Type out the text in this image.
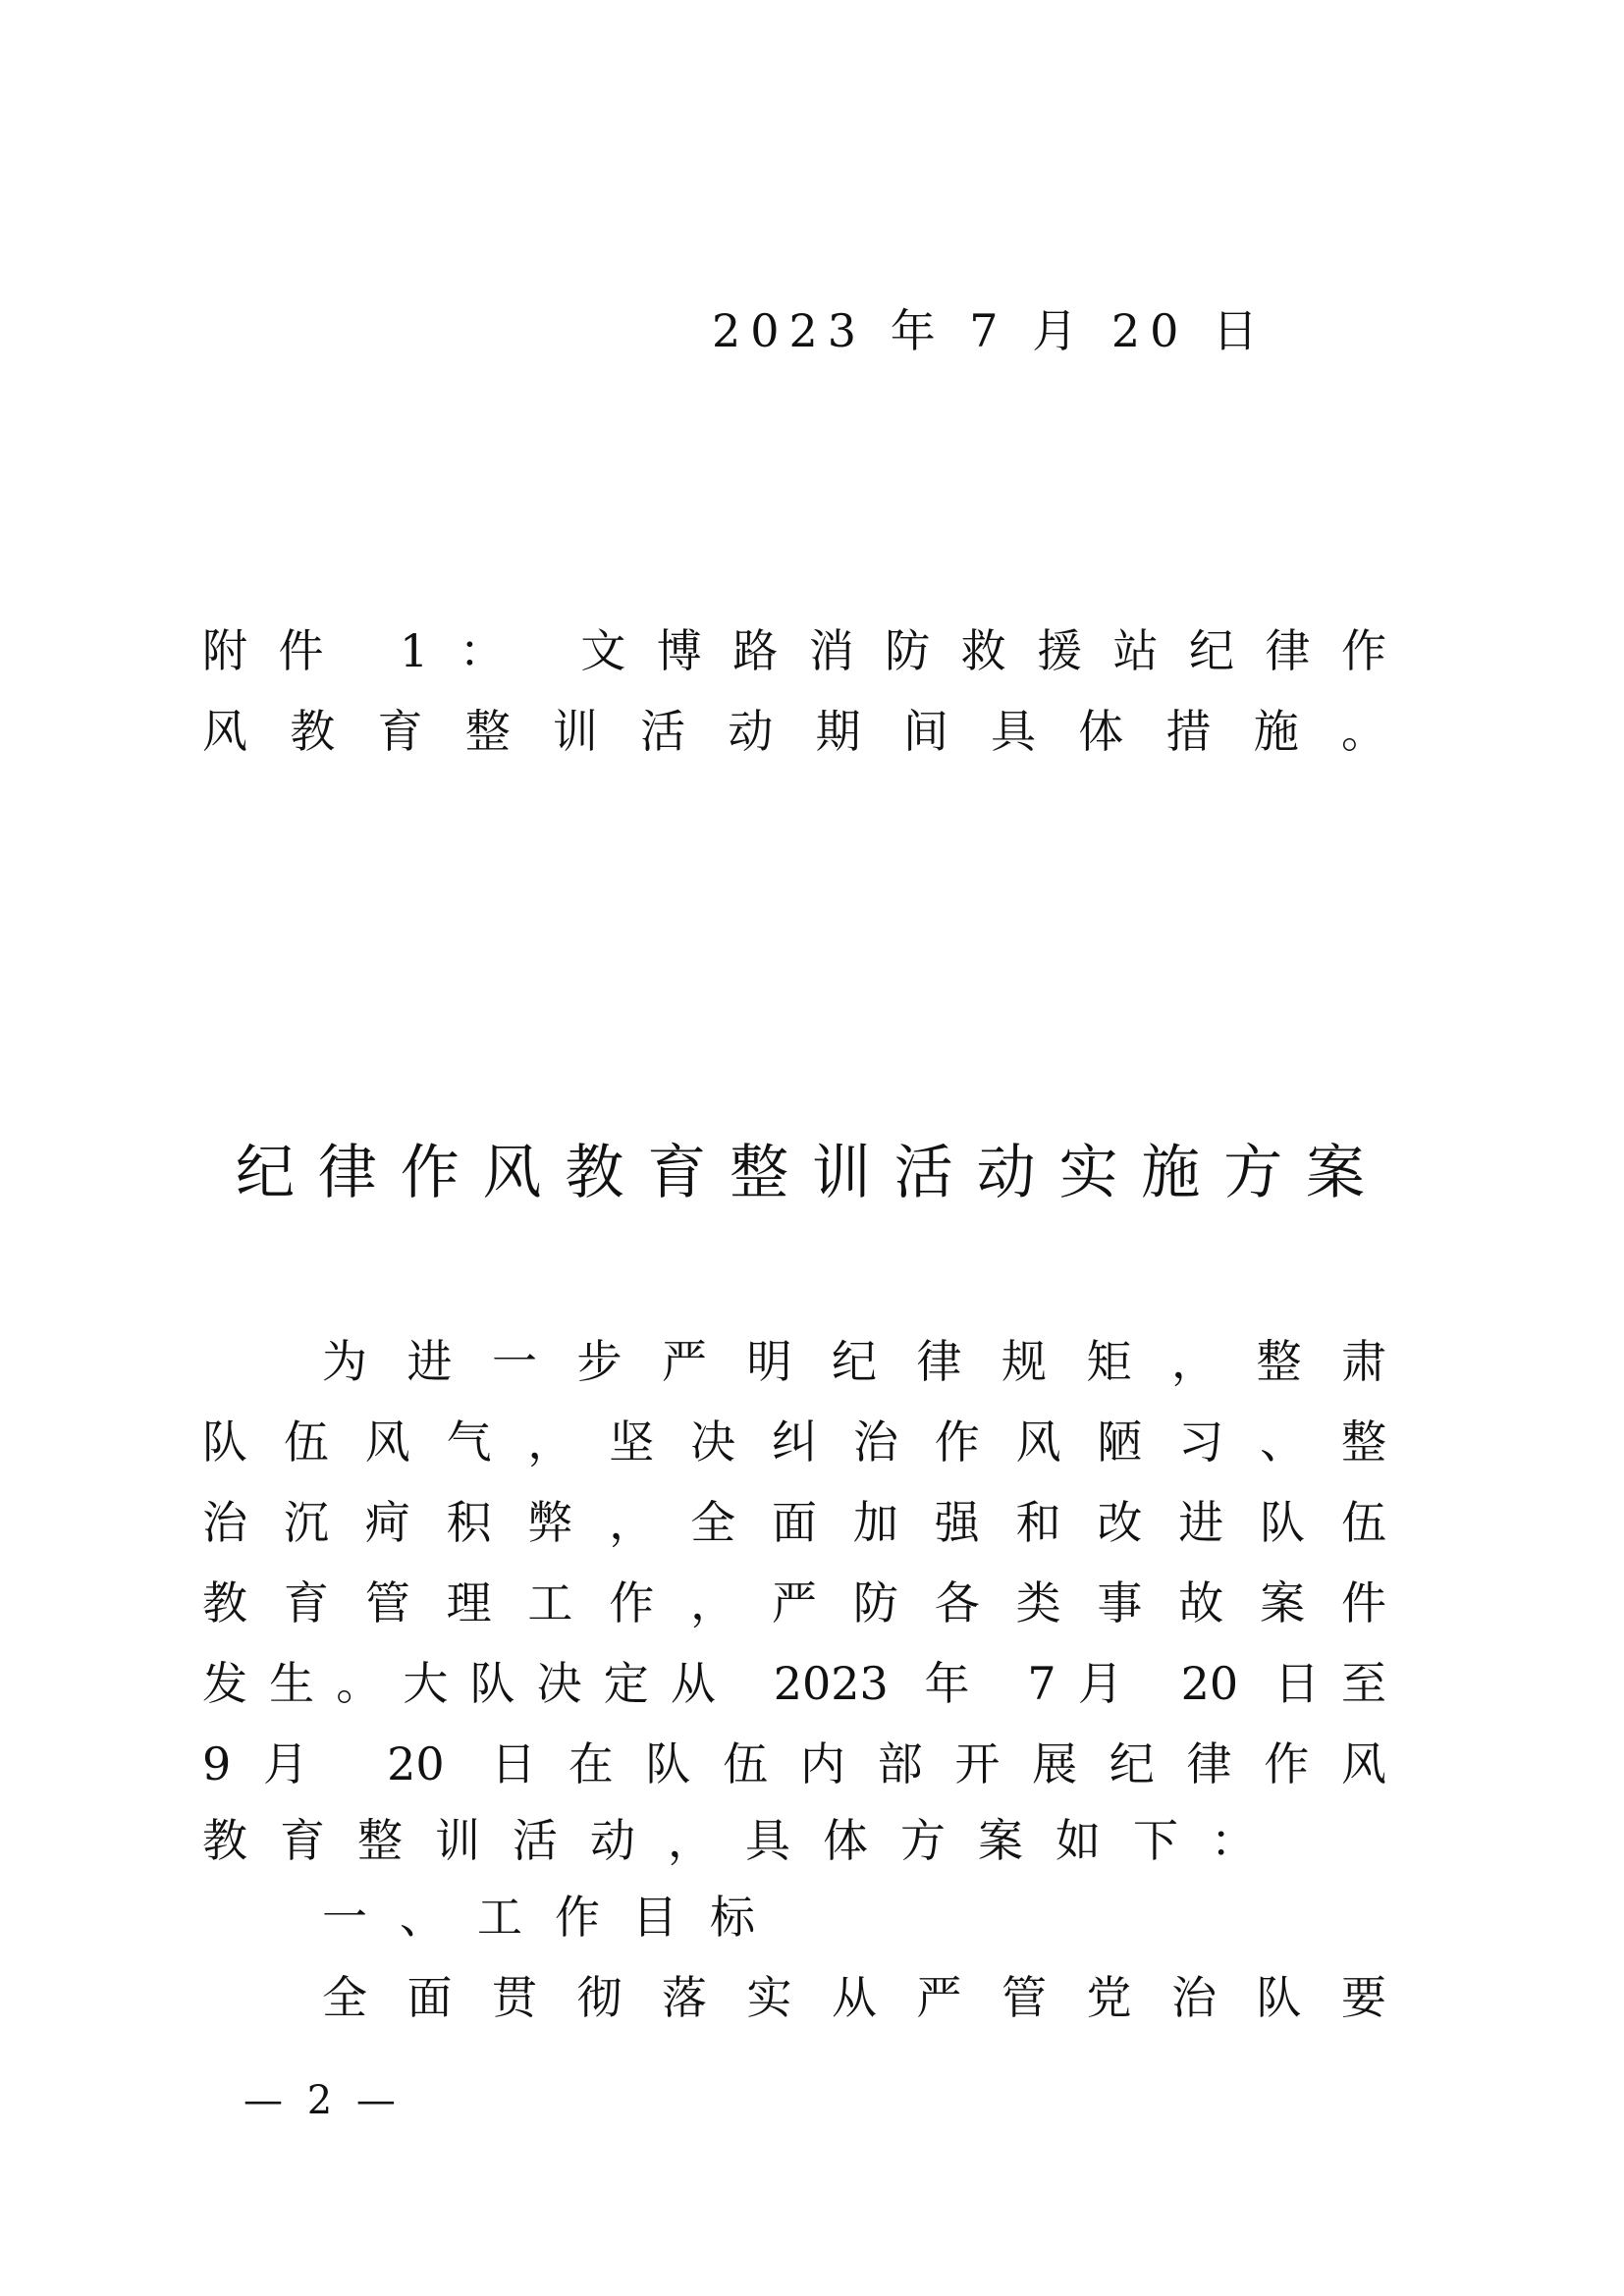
2023 年 7 月 20 日
附件 1： 文博路消防救援站纪律作
风教育整训活动期间具体措施。
纪律作风教育整训活动实施方案
为进一步严明纪律规矩，整肃
队伍风气，坚决纠治作风陋习、整
治沉疴积弊，全面加强和改进队伍
教育管理工作，严防各类事故案件
发生。大队决定从 2023 年 7月 20 日至
9月 20 日在队伍内部开展纪律作风
教育整训活动，具体方案如下：
一、工作目标
全面贯彻落实从严管党治队要
— 2 —
